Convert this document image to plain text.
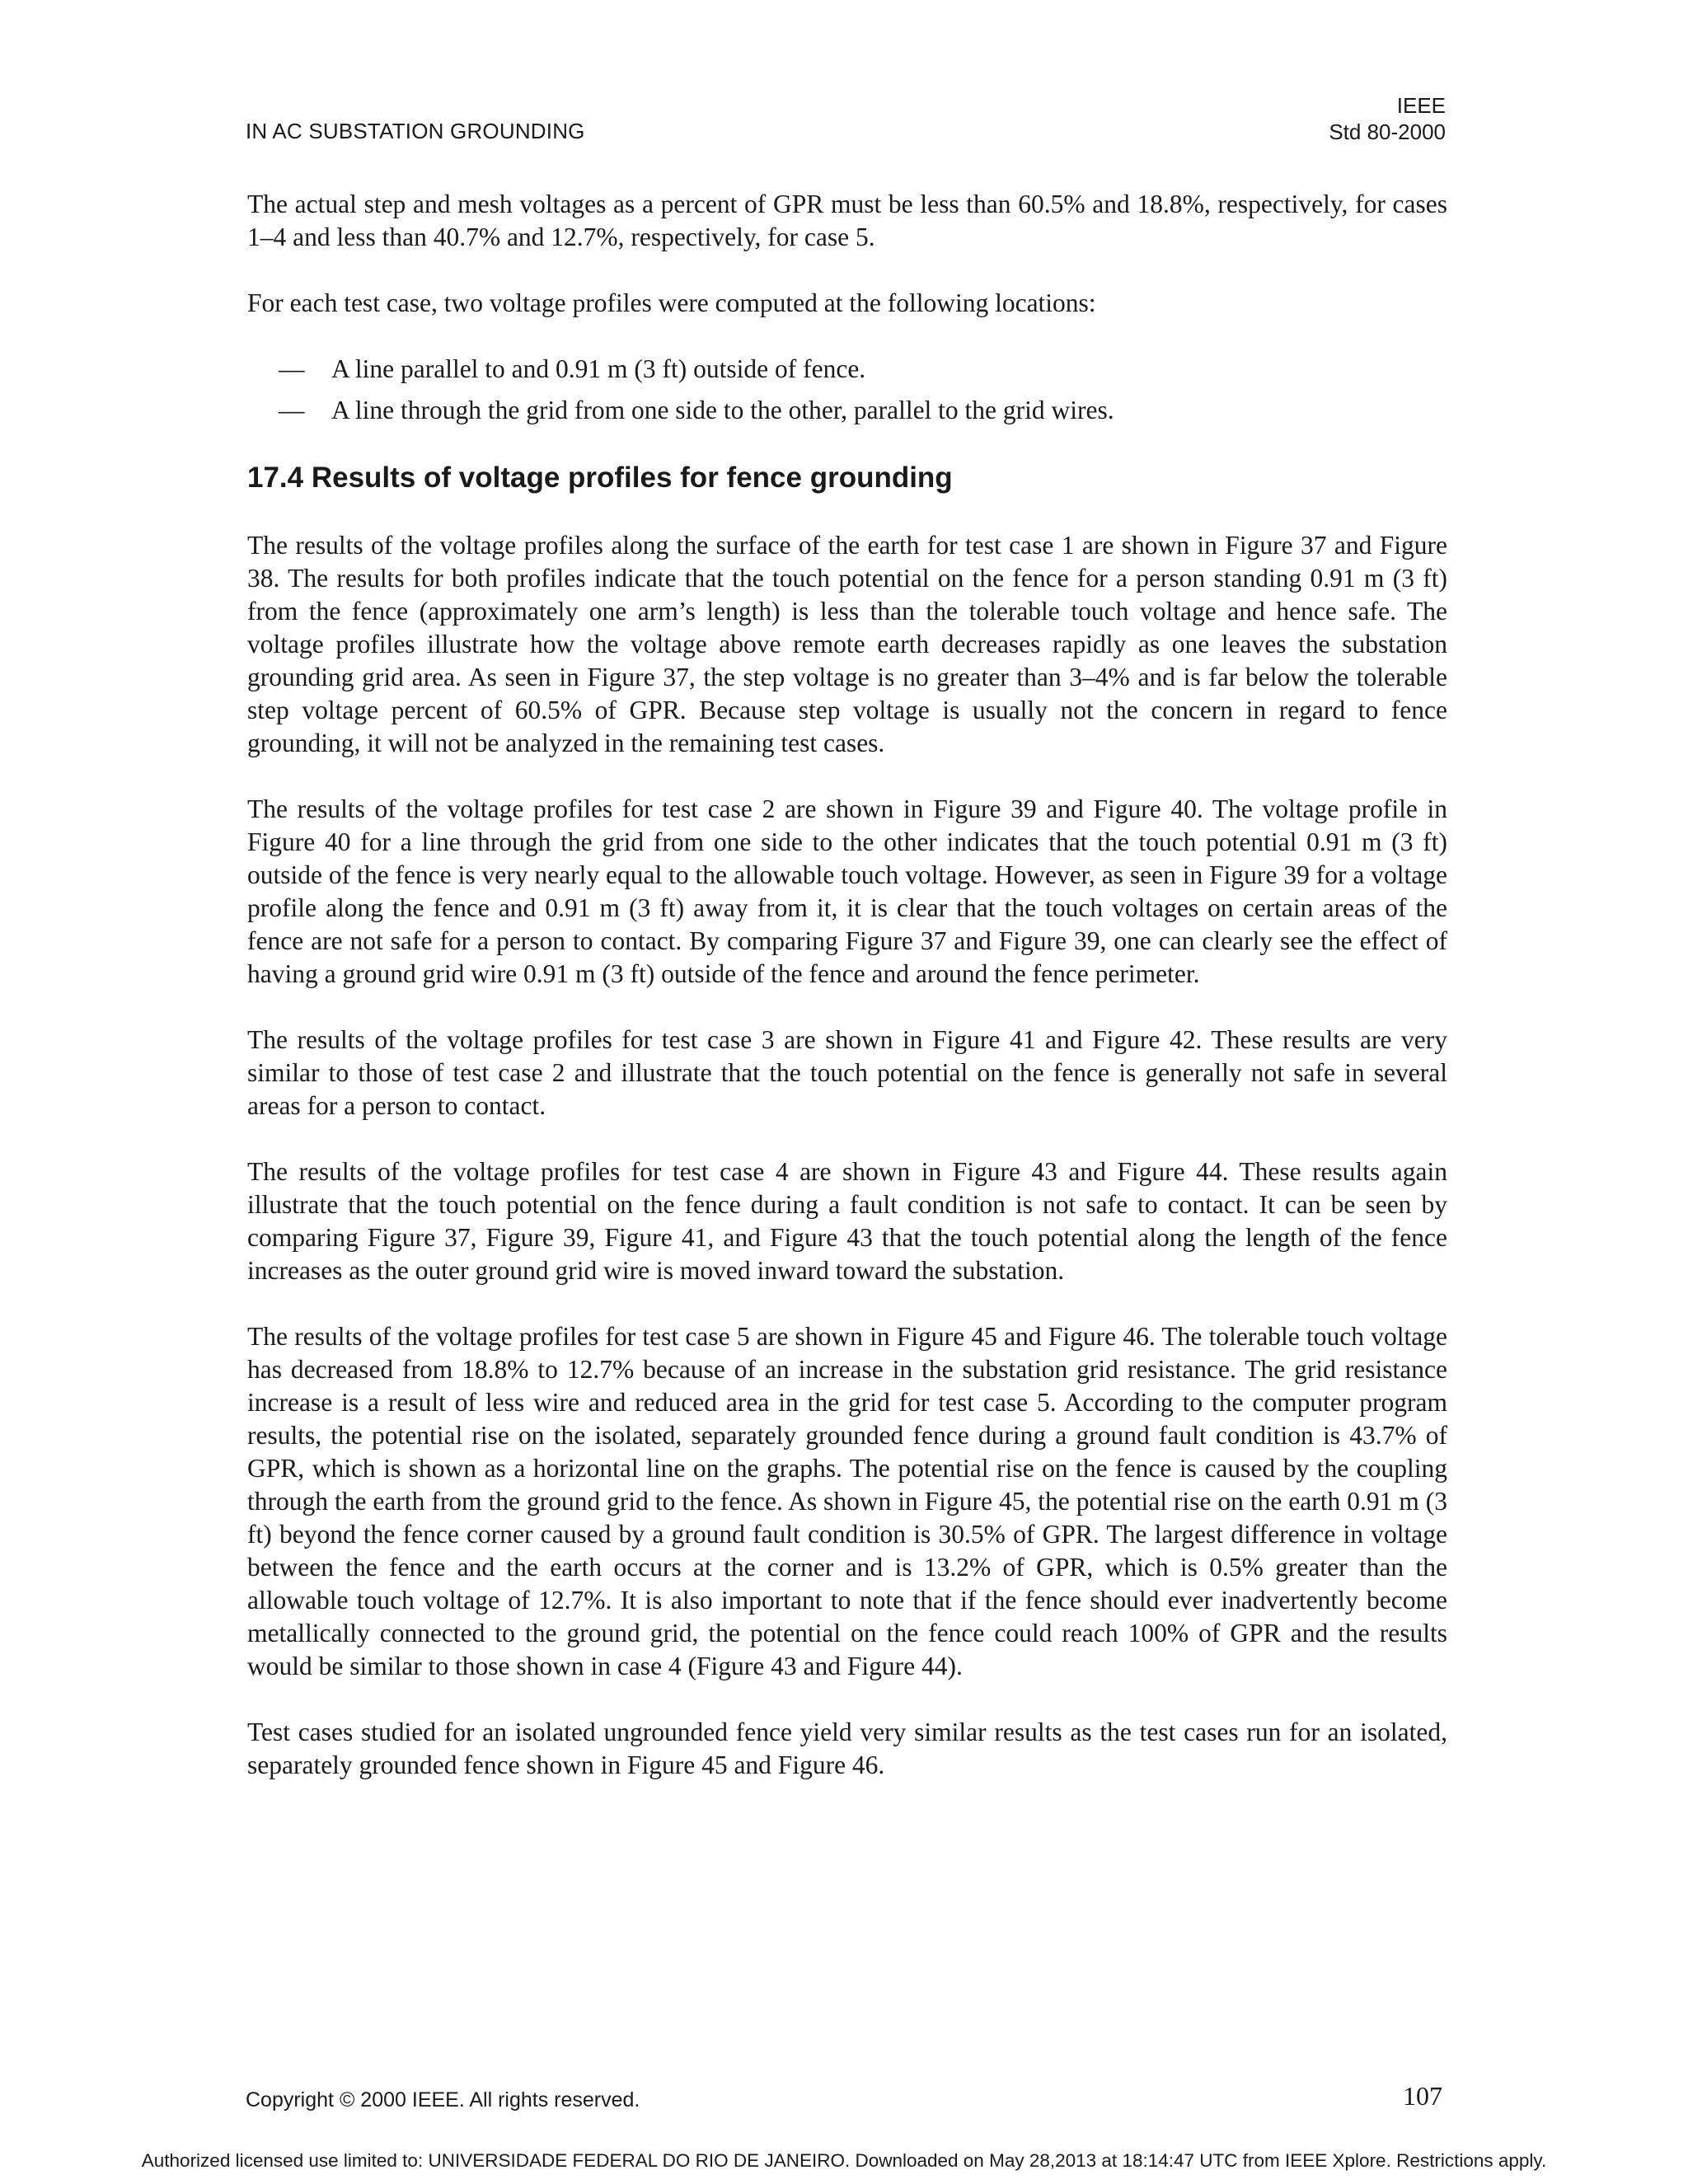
IN AC SUBSTATION GROUNDING
IEEE
Std 80-2000

The actual step and mesh voltages as a percent of GPR must be less than 60.5% and 18.8%, respectively, for cases 1–4 and less than 40.7% and 12.7%, respectively, for case 5.

For each test case, two voltage profiles were computed at the following locations:

—	A line parallel to and 0.91 m (3 ft) outside of fence.
—	A line through the grid from one side to the other, parallel to the grid wires.
17.4 Results of voltage profiles for fence grounding

The results of the voltage profiles along the surface of the earth for test case 1 are shown in Figure 37 and Figure 38. The results for both profiles indicate that the touch potential on the fence for a person standing 0.91 m (3 ft) from the fence (approximately one arm’s length) is less than the tolerable touch voltage and hence safe. The voltage profiles illustrate how the voltage above remote earth decreases rapidly as one leaves the substation grounding grid area. As seen in Figure 37, the step voltage is no greater than 3–4% and is far below the tolerable step voltage percent of 60.5% of GPR. Because step voltage is usually not the concern in regard to fence grounding, it will not be analyzed in the remaining test cases.

The results of the voltage profiles for test case 2 are shown in Figure 39 and Figure 40. The voltage profile in Figure 40 for a line through the grid from one side to the other indicates that the touch potential 0.91 m (3 ft) outside of the fence is very nearly equal to the allowable touch voltage. However, as seen in Figure 39 for a voltage profile along the fence and 0.91 m (3 ft) away from it, it is clear that the touch voltages on certain areas of the fence are not safe for a person to contact. By comparing Figure 37 and Figure 39, one can clearly see the effect of having a ground grid wire 0.91 m (3 ft) outside of the fence and around the fence perimeter.

The results of the voltage profiles for test case 3 are shown in Figure 41 and Figure 42. These results are very similar to those of test case 2 and illustrate that the touch potential on the fence is generally not safe in several areas for a person to contact.

The results of the voltage profiles for test case 4 are shown in Figure 43 and Figure 44. These results again illustrate that the touch potential on the fence during a fault condition is not safe to contact. It can be seen by comparing Figure 37, Figure 39, Figure 41, and Figure 43 that the touch potential along the length of the fence increases as the outer ground grid wire is moved inward toward the substation.

The results of the voltage profiles for test case 5 are shown in Figure 45 and Figure 46. The tolerable touch voltage has decreased from 18.8% to 12.7% because of an increase in the substation grid resistance. The grid resistance increase is a result of less wire and reduced area in the grid for test case 5. According to the computer program results, the potential rise on the isolated, separately grounded fence during a ground fault condition is 43.7% of GPR, which is shown as a horizontal line on the graphs. The potential rise on the fence is caused by the coupling through the earth from the ground grid to the fence. As shown in Figure 45, the potential rise on the earth 0.91 m (3 ft) beyond the fence corner caused by a ground fault condition is 30.5% of GPR. The largest difference in voltage between the fence and the earth occurs at the corner and is 13.2% of GPR, which is 0.5% greater than the allowable touch voltage of 12.7%. It is also important to note that if the fence should ever inadvertently become metallically connected to the ground grid, the potential on the fence could reach 100% of GPR and the results would be similar to those shown in case 4 (Figure 43 and Figure 44).

Test cases studied for an isolated ungrounded fence yield very similar results as the test cases run for an isolated, separately grounded fence shown in Figure 45 and Figure 46.

Copyright © 2000 IEEE. All rights reserved.	107
Authorized licensed use limited to: UNIVERSIDADE FEDERAL DO RIO DE JANEIRO. Downloaded on May 28,2013 at 18:14:47 UTC from IEEE Xplore. Restrictions apply.
